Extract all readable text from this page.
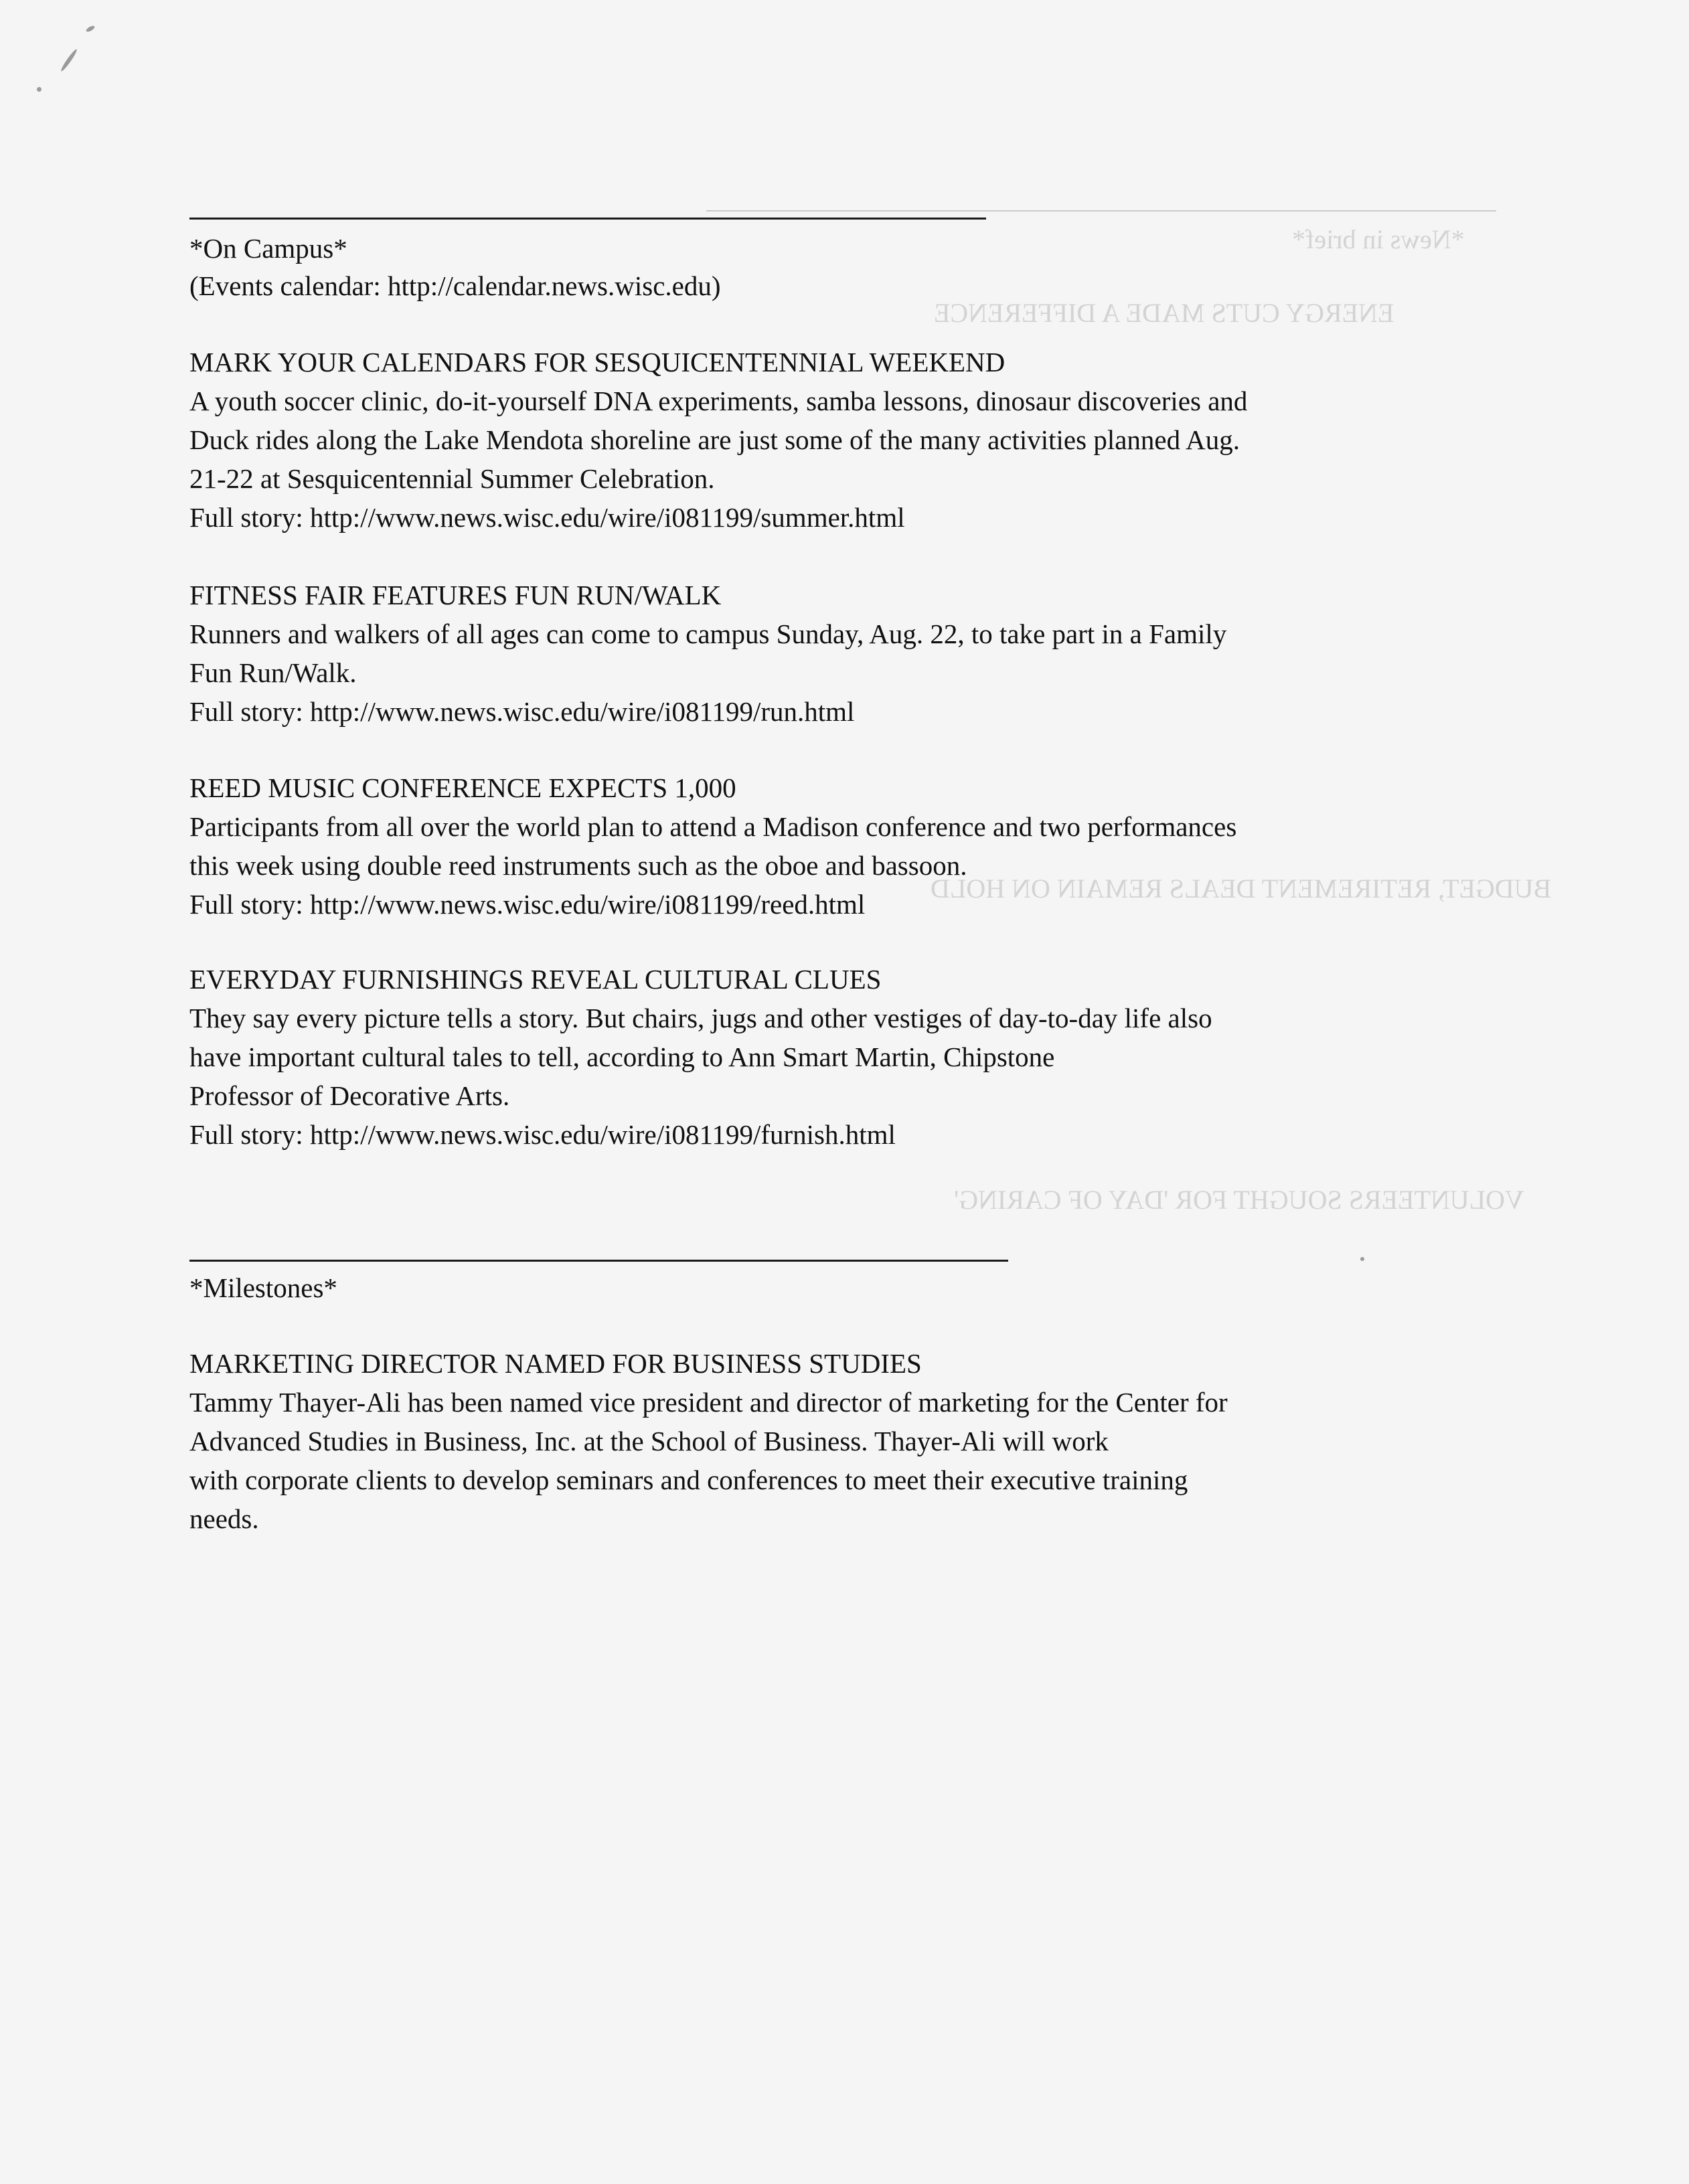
*News in brief*
ENERGY CUTS MADE A DIFFERENCE
BUDGET, RETIREMENT DEALS REMAIN ON HOLD
VOLUNTEERS SOUGHT FOR 'DAY OF CARING'
*On Campus*
(Events calendar: http://calendar.news.wisc.edu)
MARK YOUR CALENDARS FOR SESQUICENTENNIAL WEEKEND
A youth soccer clinic, do-it-yourself DNA experiments, samba lessons, dinosaur discoveries and
Duck rides along the Lake Mendota shoreline are just some of the many activities planned Aug.
21-22 at Sesquicentennial Summer Celebration.
Full story: http://www.news.wisc.edu/wire/i081199/summer.html
FITNESS FAIR FEATURES FUN RUN/WALK
Runners and walkers of all ages can come to campus Sunday, Aug. 22, to take part in a Family
Fun Run/Walk.
Full story: http://www.news.wisc.edu/wire/i081199/run.html
REED MUSIC CONFERENCE EXPECTS 1,000
Participants from all over the world plan to attend a Madison conference and two performances
this week using double reed instruments such as the oboe and bassoon.
Full story: http://www.news.wisc.edu/wire/i081199/reed.html
EVERYDAY FURNISHINGS REVEAL CULTURAL CLUES
They say every picture tells a story. But chairs, jugs and other vestiges of day-to-day life also
have important cultural tales to tell, according to Ann Smart Martin, Chipstone
Professor of Decorative Arts.
Full story: http://www.news.wisc.edu/wire/i081199/furnish.html
*Milestones*
MARKETING DIRECTOR NAMED FOR BUSINESS STUDIES
Tammy Thayer-Ali has been named vice president and director of marketing for the Center for
Advanced Studies in Business, Inc. at the School of Business. Thayer-Ali will work
with corporate clients to develop seminars and conferences to meet their executive training
needs.
